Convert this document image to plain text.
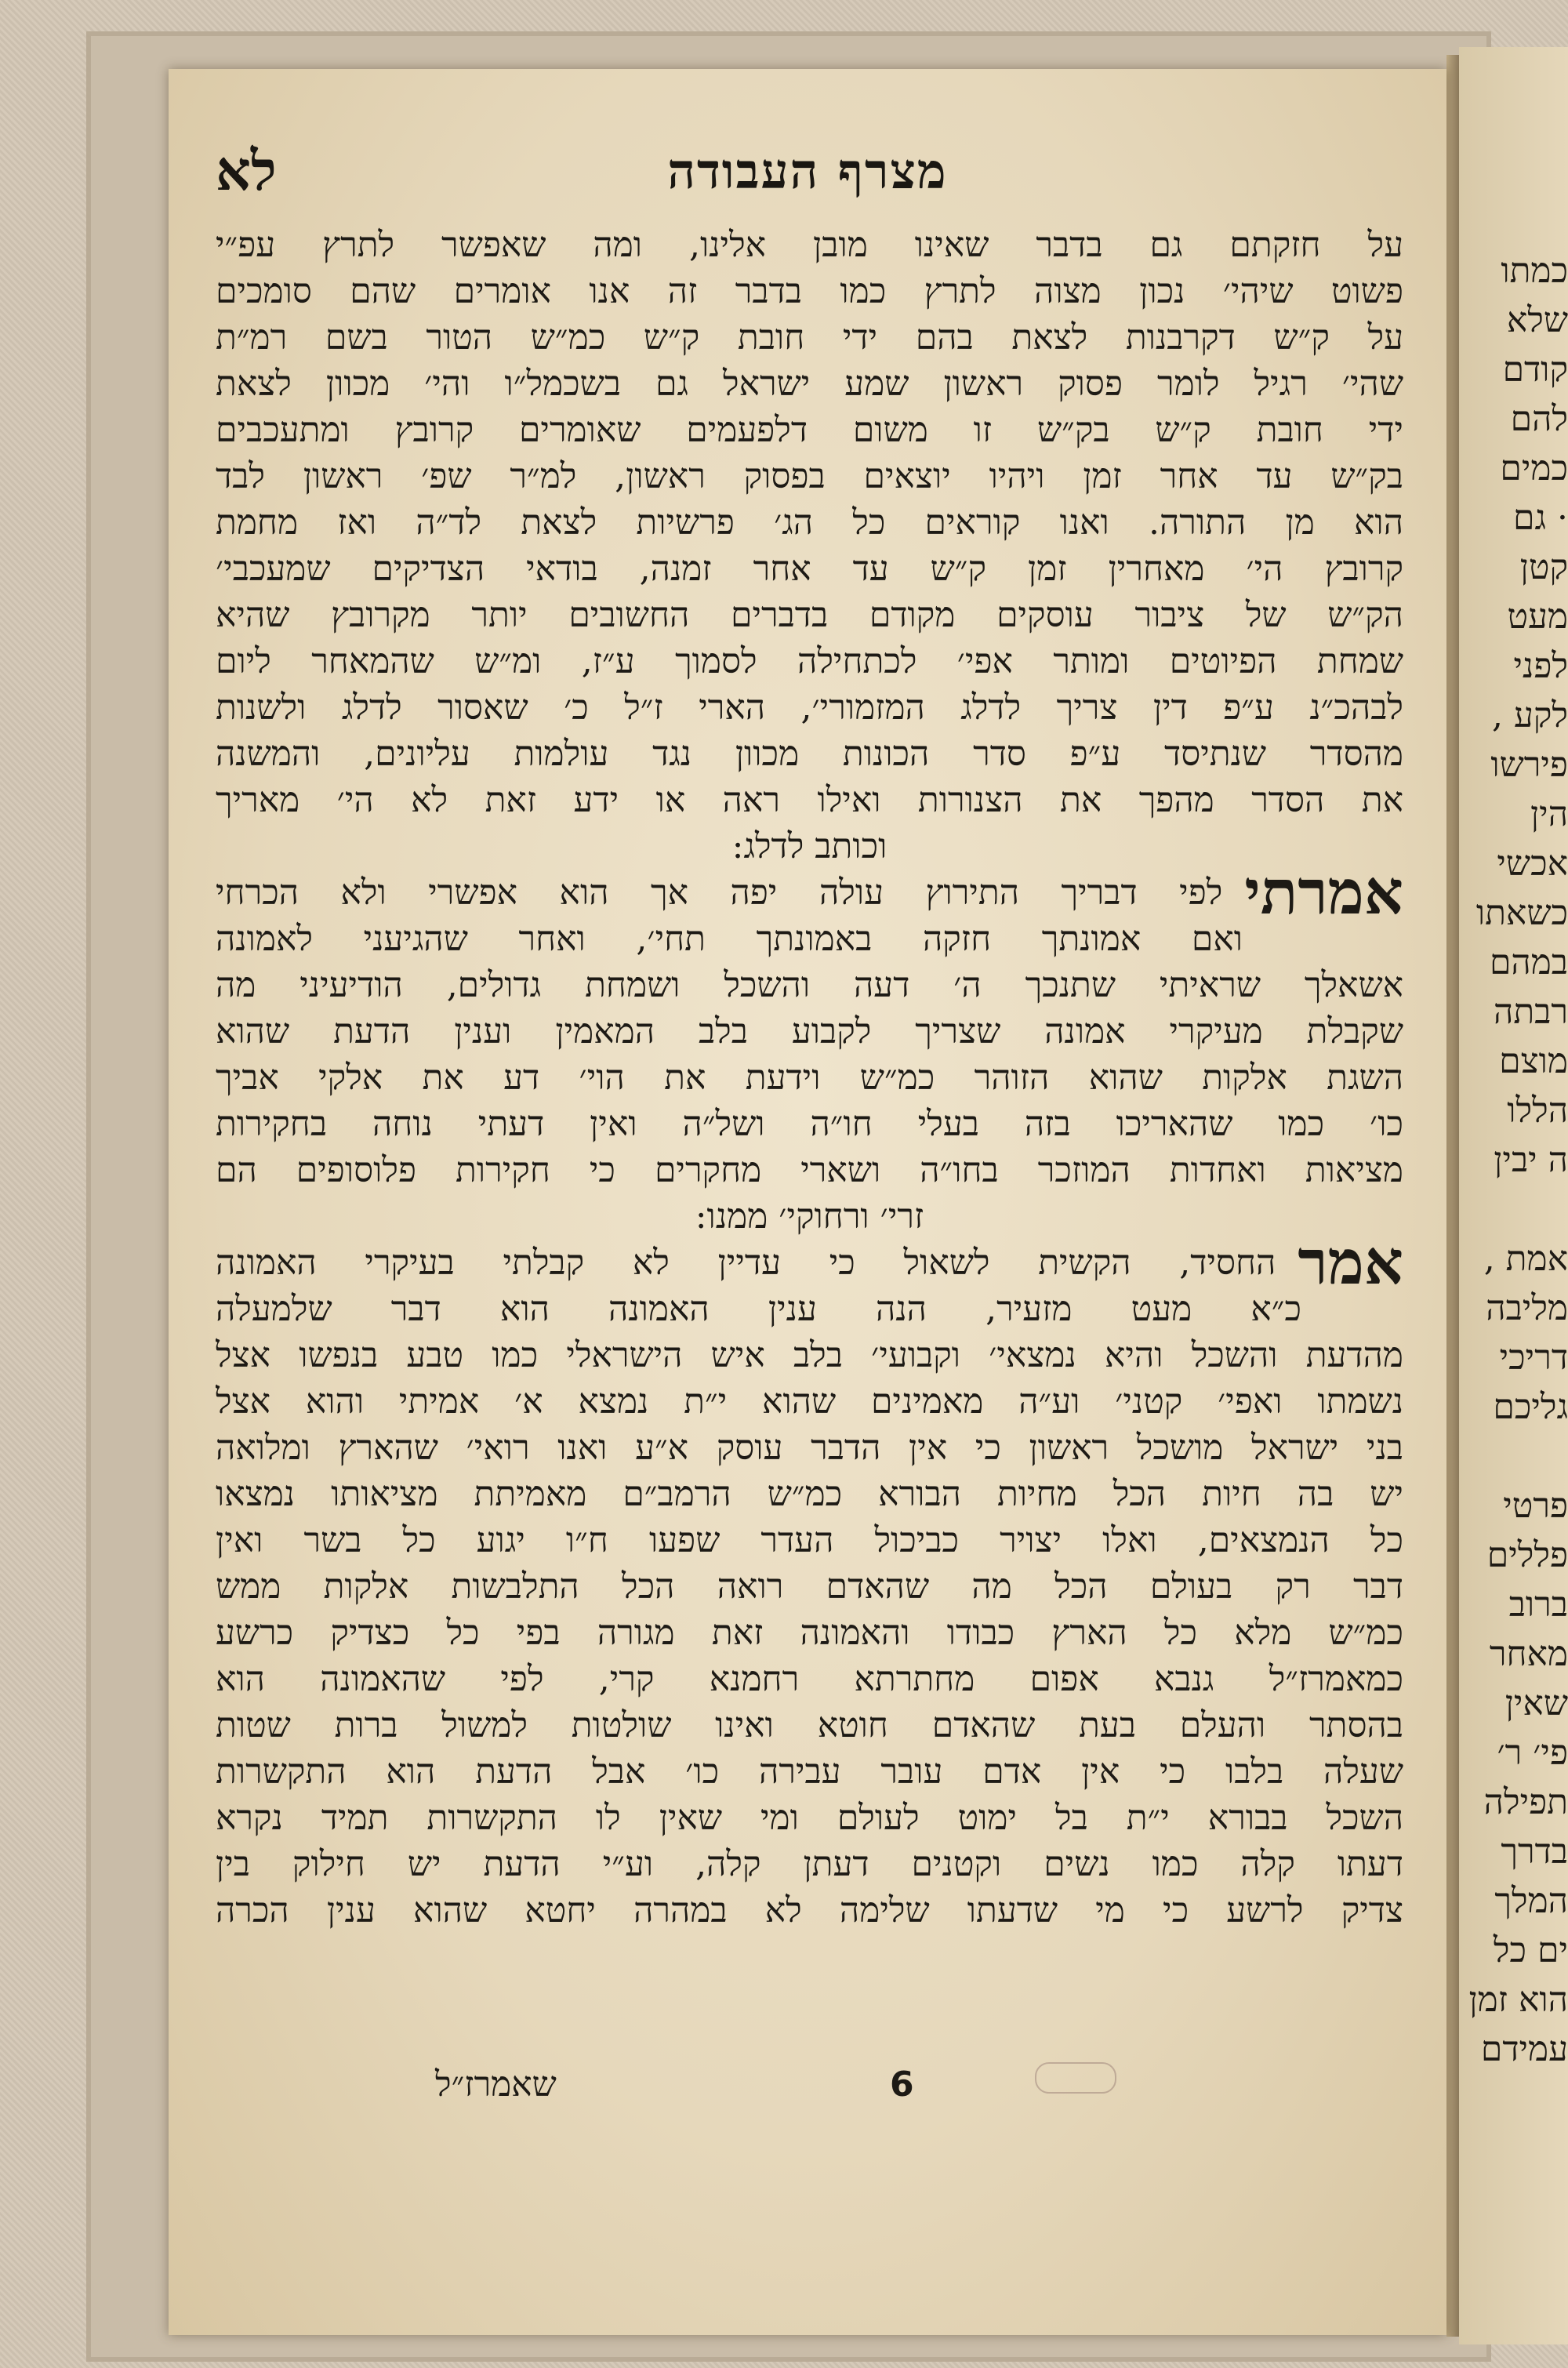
כמתו
שלא
קודם
להם
כמים
· גם
קטן
מעט
לפני
לקע ,
פירשו
הין
אכשי
כשאתו
במהם
רבתה
מוצם
הללו
ה יבין
אמת ,
מליבה
דריכי
גליכם
פרטי
פללים
ברוב
מאחר
שאין
פי׳ ר׳
תפילה
בדרך
המלך
ים כל
הוא זמן
עמידם
לא	מצרף העבודה
על חזקתם גם בדבר שאינו מובן אלינו, ומה שאפשר לתרץ עפ״י
פשוט שיהי׳ נכון מצוה לתרץ כמו בדבר זה אנו אומרים שהם סומכים
על ק״ש דקרבנות לצאת בהם ידי חובת ק״ש כמ״ש הטור בשם רמ״ת
שהי׳ רגיל לומר פסוק ראשון שמע ישראל גם בשכמל״ו והי׳ מכוון לצאת
ידי חובת ק״ש בק״ש זו משום דלפעמים שאומרים קרובץ ומתעכבים
בק״ש עד אחר זמן ויהיו יוצאים בפסוק ראשון, למ״ר שפ׳ ראשון לבד
הוא מן התורה. ואנו קוראים כל הג׳ פרשיות לצאת לד״ה ואז מחמת
קרובץ הי׳ מאחרין זמן ק״ש עד אחר זמנה, בודאי הצדיקים שמעכבי׳
הק״ש של ציבור עוסקים מקודם בדברים החשובים יותר מקרובץ שהיא
שמחת הפיוטים ומותר אפי׳ לכתחילה לסמוך ע״ז, ומ״ש שהמאחר ליום
לבהכ״נ ע״פ דין צריך לדלג המזמורי׳, הארי ז״ל כ׳ שאסור לדלג ולשנות
מהסדר שנתיסד ע״פ סדר הכונות מכוון נגד עולמות עליונים, והמשנה
את הסדר מהפך את הצנורות ואילו ראה או ידע זאת לא הי׳ מאריך
וכותב לדלג:
אמרתי
לפי דבריך התירוץ עולה יפה אך הוא אפשרי ולא הכרחי
ואם אמונתך חזקה באמונתך תחי׳, ואחר שהגיעני לאמונה
אשאלך שראיתי שתנכך ה׳ דעה והשכל ושמחת גדולים, הודיעיני מה
שקבלת מעיקרי אמונה שצריך לקבוע בלב המאמין וענין הדעת שהוא
השגת אלקות שהוא הזוהר כמ״ש וידעת את הוי׳ דע את אלקי אביך
כו׳ כמו שהאריכו בזה בעלי חו״ה ושל״ה ואין דעתי נוחה בחקירות
מציאות ואחדות המוזכר בחו״ה ושארי מחקרים כי חקירות פלוסופים הם
זרי׳ ורחוקי׳ ממנו:
אמר
החסיד, הקשית לשאול כי עדיין לא קבלתי בעיקרי האמונה
כ״א מעט מזעיר, הנה ענין האמונה הוא דבר שלמעלה
מהדעת והשכל והיא נמצאי׳ וקבועי׳ בלב איש הישראלי כמו טבע בנפשו אצל
נשמתו ואפי׳ קטני׳ וע״ה מאמינים שהוא י״ת נמצא א׳ אמיתי והוא אצל
בני ישראל מושכל ראשון כי אין הדבר עוסק א״ע ואנו רואי׳ שהארץ ומלואה
יש בה חיות הכל מחיות הבורא כמ״ש הרמב״ם מאמיתת מציאותו נמצאו
כל הנמצאים, ואלו יצויר כביכול העדר שפעו ח״ו יגוע כל בשר ואין
דבר רק בעולם הכל מה שהאדם רואה הכל התלבשות אלקות ממש
כמ״ש מלא כל הארץ כבודו והאמונה זאת מגורה בפי כל כצדיק כרשע
כמאמרז״ל גנבא אפום מחתרתא רחמנא קרי, לפי שהאמונה הוא
בהסתר והעלם בעת שהאדם חוטא ואינו שולטות למשול ברות שטות
שעלה בלבו כי אין אדם עובר עבירה כו׳ אבל הדעת הוא התקשרות
השכל בבורא י״ת בל ימוט לעולם ומי שאין לו התקשרות תמיד נקרא
דעתו קלה כמו נשים וקטנים דעתן קלה, וע״י הדעת יש חילוק בין
צדיק לרשע כי מי שדעתו שלימה לא במהרה יחטא שהוא ענין הכרה
שאמרז״ל	6
